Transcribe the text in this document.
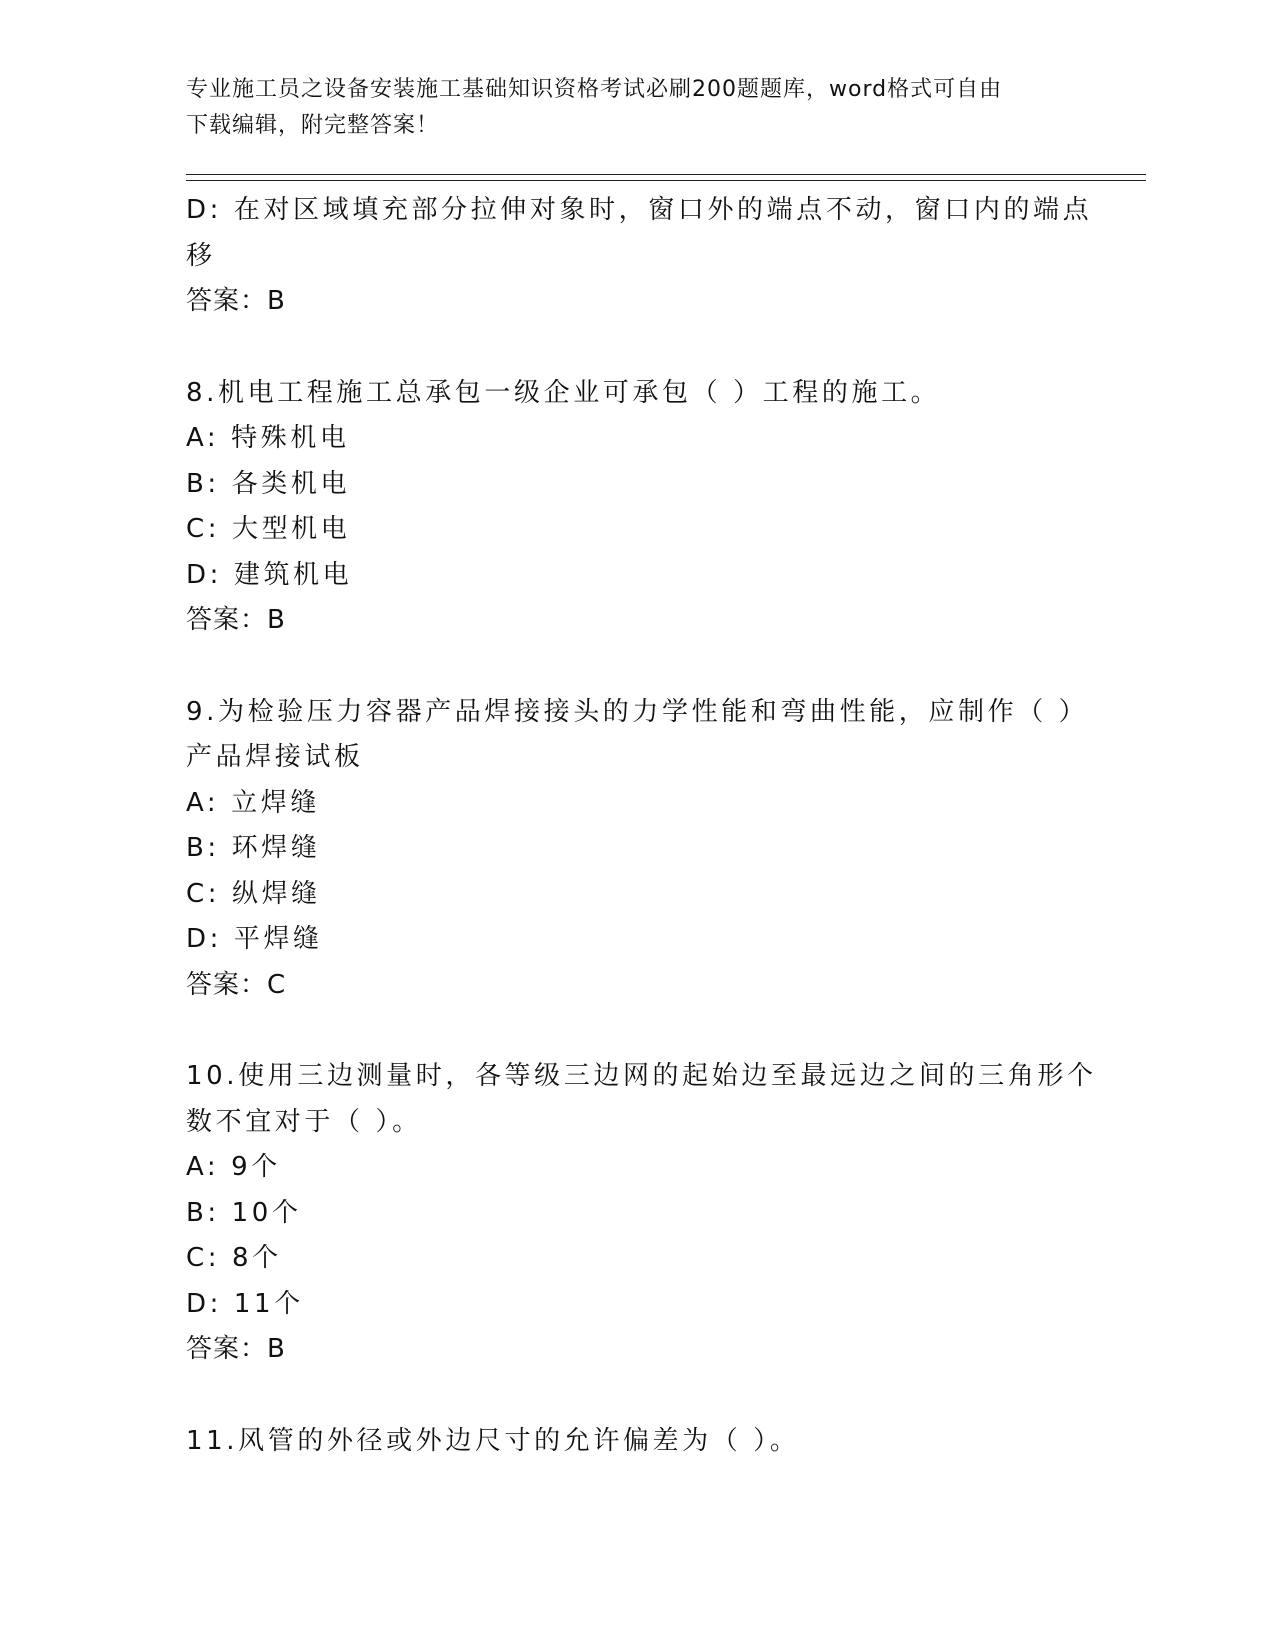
专业施工员之设备安装施工基础知识资格考试必刷200题题库，word格式可自由
下载编辑，附完整答案！
D: 在对区域填充部分拉伸对象时，窗口外的端点不动，窗口内的端点
移
答案：B
8.机电工程施工总承包一级企业可承包（ ）工程的施工。
A: 特殊机电
B: 各类机电
C: 大型机电
D: 建筑机电
答案：B
9.为检验压力容器产品焊接接头的力学性能和弯曲性能，应制作（ ）
产品焊接试板
A: 立焊缝
B: 环焊缝
C: 纵焊缝
D: 平焊缝
答案：C
10.使用三边测量时，各等级三边网的起始边至最远边之间的三角形个
数不宜对于（ ）。
A: 9个
B: 10个
C: 8个
D: 11个
答案：B
11.风管的外径或外边尺寸的允许偏差为（ ）。
